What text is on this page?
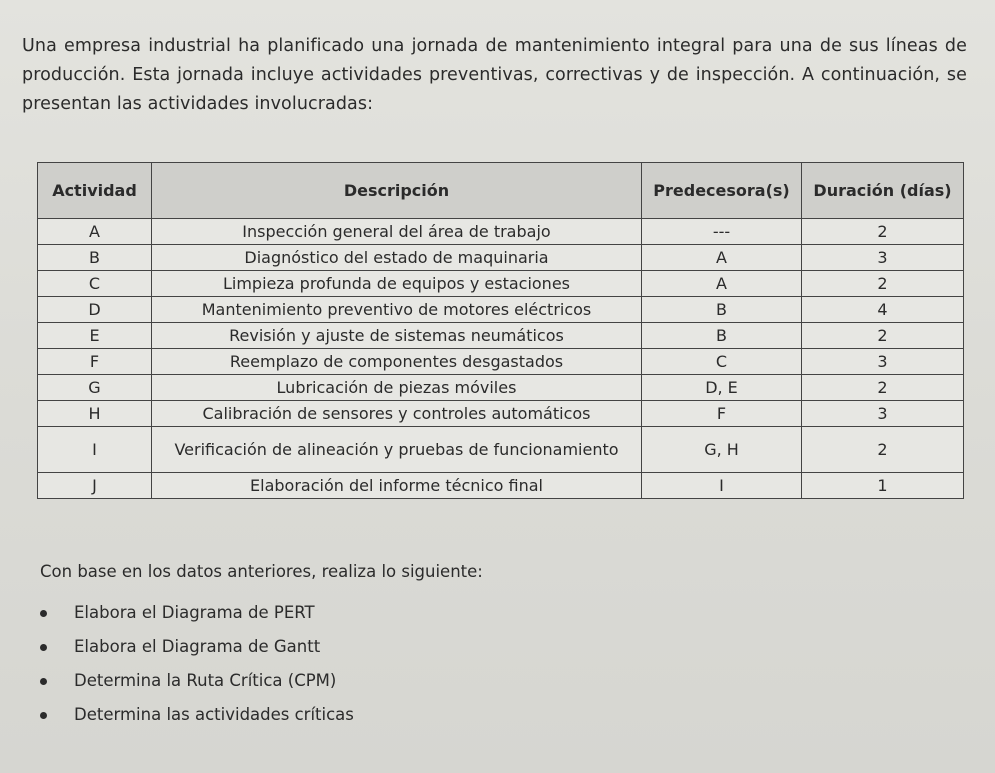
Una empresa industrial ha planificado una jornada de mantenimiento integral para una de sus líneas de producción. Esta jornada incluye actividades preventivas, correctivas y de inspección. A continuación, se presentan las actividades involucradas:

Actividad	Descripción	Predecesora(s)	Duración (días)
A	Inspección general del área de trabajo	---	2
B	Diagnóstico del estado de maquinaria	A	3
C	Limpieza profunda de equipos y estaciones	A	2
D	Mantenimiento preventivo de motores eléctricos	B	4
E	Revisión y ajuste de sistemas neumáticos	B	2
F	Reemplazo de componentes desgastados	C	3
G	Lubricación de piezas móviles	D, E	2
H	Calibración de sensores y controles automáticos	F	3
I	Verificación de alineación y pruebas de funcionamiento	G, H	2
J	Elaboración del informe técnico final	I	1
Con base en los datos anteriores, realiza lo siguiente:
Elabora el Diagrama de PERT
Elabora el Diagrama de Gantt
Determina la Ruta Crítica (CPM)
Determina las actividades críticas
